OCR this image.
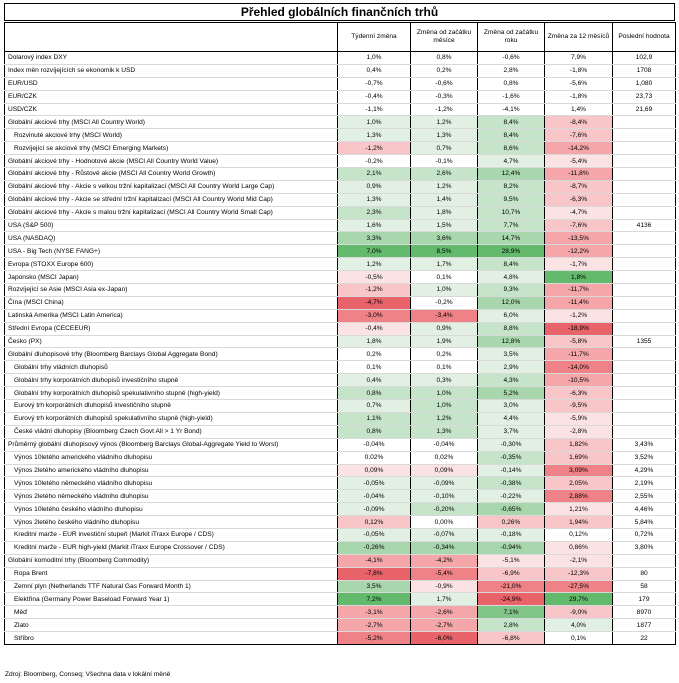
Přehled globálních finančních trhů
	Týdenní změna	Změna od začátku měsíce	Změna od začátku roku	Změna za 12 měsíců	Poslední hodnota
Dolarový index DXY	1,0%	0,8%	-0,6%	7,9%	102,9
Index měn rozvíjejících se ekonomik k USD	0,4%	0,2%	2,8%	-1,8%	1708
EUR/USD	-0,7%	-0,6%	0,8%	-5,6%	1,080
EUR/CZK	-0,4%	-0,3%	-1,6%	-1,8%	23,73
USD/CZK	-1,1%	-1,2%	-4,1%	1,4%	21,69
Globální akciové trhy (MSCI All Country World)	1,0%	1,2%	8,4%	-8,4%	
Rozvinuté akciové trhy (MSCI World)	1,3%	1,3%	8,4%	-7,6%	
Rozvíjející se akciové trhy (MSCI Emerging Markets)	-1,2%	0,7%	8,6%	-14,2%	
Globální akciové trhy - Hodnotové akcie (MSCI All Country World Value)	-0,2%	-0,1%	4,7%	-5,4%	
Globální akciové trhy - Růstové akcie (MSCI All Country World Growth)	2,1%	2,6%	12,4%	-11,8%	
Globální akciové trhy - Akcie s velkou tržní kapitalizací (MSCI All Country World Large Cap)	0,9%	1,2%	8,2%	-8,7%	
Globální akciové trhy - Akcie se střední tržní kapitalizací (MSCI All Country World Mid Cap)	1,3%	1,4%	9,5%	-6,3%	
Globální akciové trhy - Akcie s malou tržní kapitalizací (MSCI All Country World Small Cap)	2,3%	1,8%	10,7%	-4,7%	
USA (S&P 500)	1,6%	1,5%	7,7%	-7,6%	4136
USA (NASDAQ)	3,3%	3,6%	14,7%	-13,5%	
USA - Big Tech (NYSE FANG+)	7,0%	8,5%	28,9%	-12,2%	
Evropa (STOXX Europe 600)	1,2%	1,7%	8,4%	-1,7%	
Japonsko (MSCI Japan)	-0,5%	0,1%	4,8%	1,8%	
Rozvíjející se Asie (MSCI Asia ex-Japan)	-1,2%	1,0%	9,3%	-11,7%	
Čína (MSCI China)	-4,7%	-0,2%	12,0%	-11,4%	
Latinská Amerika (MSCI Latin America)	-3,0%	-3,4%	6,0%	-1,2%	
Střední Evropa (CECEEUR)	-0,4%	0,9%	8,8%	-18,9%	
Česko (PX)	1,8%	1,9%	12,8%	-5,8%	1355
Globální dluhopisové trhy (Bloomberg Barclays Global Aggregate Bond)	0,2%	0,2%	3,5%	-11,7%	
Globální trhy vládních dluhopisů	0,1%	0,1%	2,9%	-14,0%	
Globální trhy korporátních dluhopisů investičního stupně	0,4%	0,3%	4,3%	-10,5%	
Globální trhy korporátních dluhopisů spekulativního stupně (high-yield)	0,8%	1,0%	5,2%	-6,3%	
Eurový trh korporátních dluhopisů investičního stupně	0,7%	1,0%	3,0%	-9,5%	
Eurový trh korporátních dluhopisů spekulativního stupně (high-yield)	1,1%	1,2%	4,4%	-5,9%	
České vládní dluhopisy (Bloomberg Czech Govt All > 1 Yr Bond)	0,8%	1,3%	3,7%	-2,8%	
Průměrný globální dluhopisový výnos (Bloomberg Barclays Global-Aggregate Yield to Worst)	-0,04%	-0,04%	-0,30%	1,82%	3,43%
Výnos 10letého amerického vládního dluhopisu	0,02%	0,02%	-0,35%	1,69%	3,52%
Výnos 2letého amerického vládního dluhopisu	0,09%	0,09%	-0,14%	3,09%	4,29%
Výnos 10letého německého vládního dluhopisu	-0,05%	-0,09%	-0,38%	2,05%	2,19%
Výnos 2letého německého vládního dluhopisu	-0,04%	-0,10%	-0,22%	2,88%	2,55%
Výnos 10letého českého vládního dluhopisu	-0,09%	-0,20%	-0,65%	1,21%	4,46%
Výnos 2letého českého vládního dluhopisu	0,12%	0,00%	0,26%	1,94%	5,84%
Kreditní marže - EUR investiční stupeň (Markit iTraxx Europe / CDS)	-0,05%	-0,07%	-0,18%	0,12%	0,72%
Kreditní marže - EUR high-yield (Markit iTraxx Europe Crossover / CDS)	-0,26%	-0,34%	-0,94%	0,86%	3,80%
Globální komoditní trhy (Bloomberg Commodity)	-4,1%	-4,2%	-5,1%	-2,1%	
Ropa Brent	-7,8%	-5,4%	-6,9%	-12,3%	80
Zemní plyn (Netherlands TTF Natural Gas Forward Month 1)	3,5%	-0,9%	-21,0%	-27,5%	58
Elektřina (Germany Power Baseload Forward Year 1)	7,2%	1,7%	-24,9%	29,7%	179
Měď	-3,1%	-2,6%	7,1%	-9,0%	8970
Zlato	-2,7%	-2,7%	2,8%	4,0%	1877
Stříbro	-5,2%	-6,0%	-6,8%	0,1%	22
Zdroj: Bloomberg, Conseq; Všechna data v lokální měně
